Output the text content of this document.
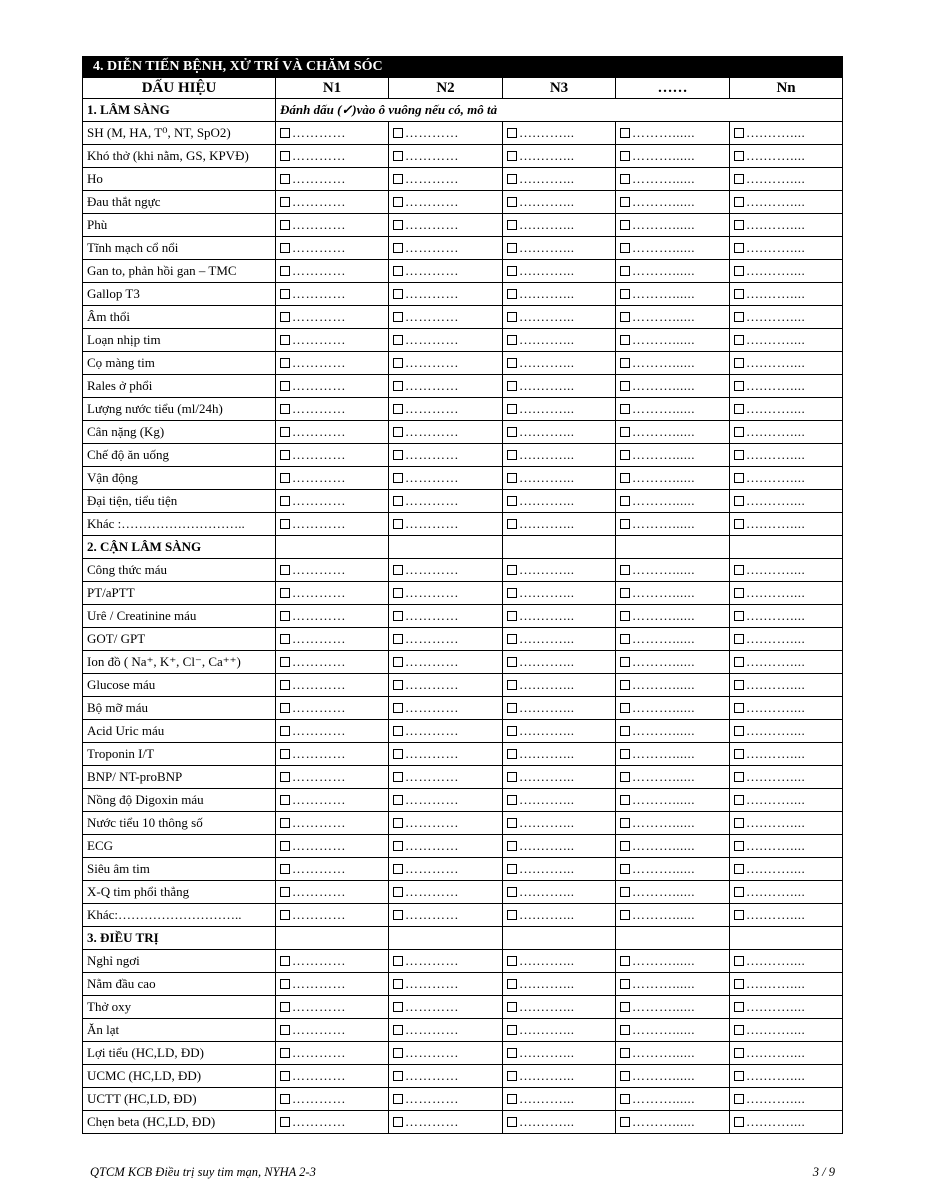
4. DIỄN TIẾN BỆNH, XỬ TRÍ VÀ CHĂM SÓC					
DẤU HIỆU	N1	N2	N3	……	Nn
1. LÂM SÀNG	Đánh dấu (✓)vào ô vuông nếu có, mô tả				
SH (M, HA, T⁰, NT, SpO2)	…………	…………	….……...	………......	….……....
Khó thở (khi nằm, GS, KPVĐ)	…………	…………	….……...	………......	….……....
Ho	…………	…………	….……...	………......	….……....
Đau thắt ngực	…………	…………	….……...	………......	….……....
Phù	…………	…………	….……...	………......	….……....
Tĩnh mạch cổ nổi	…………	…………	….……...	………......	….……....
Gan to, phản hồi gan – TMC	…………	…………	….……...	………......	….……....
Gallop T3	…………	…………	….……...	………......	….……....
Âm thổi	…………	…………	….……...	………......	….……....
Loạn nhịp tim	…………	…………	….……...	………......	….……....
Cọ màng tim	…………	…………	….……...	………......	….……....
Rales ở phổi	…………	…………	….……...	………......	….……....
Lượng nước tiểu (ml/24h)	…………	…………	….……...	………......	….……....
Cân nặng (Kg)	…………	…………	….……...	………......	….……....
Chế độ ăn uống	…………	…………	….……...	………......	….……....
Vận động	…………	…………	….……...	………......	….……....
Đại tiện, tiểu tiện	…………	…………	….……...	………......	….……....
Khác :………………………..	…………	…………	….……...	………......	….……....
2. CẬN LÂM SÀNG					
Công thức máu	…………	…………	….……...	………......	….……....
PT/aPTT	…………	…………	….……...	………......	….……....
Urê / Creatinine máu	…………	…………	….……...	………......	….……....
GOT/ GPT	…………	…………	….……...	………......	….……....
Ion đồ ( Na⁺, K⁺, Cl⁻, Ca⁺⁺)	…………	…………	….……...	………......	….……....
Glucose máu	…………	…………	….……...	………......	….……....
Bộ mỡ máu	…………	…………	….……...	………......	….……....
Acid Uric máu	…………	…………	….……...	………......	….……....
Troponin I/T	…………	…………	….……...	………......	….……....
BNP/ NT-proBNP	…………	…………	….……...	………......	….……....
Nồng độ Digoxin máu	…………	…………	….……...	………......	….……....
Nước tiểu 10 thông số	…………	…………	….……...	………......	….……....
ECG	…………	…………	….……...	………......	….……....
Siêu âm tim	…………	…………	….……...	………......	….……....
X-Q tim phổi thẳng	…………	…………	….……...	………......	….……....
Khác:………………………..	…………	…………	….……...	………......	….……....
3. ĐIỀU TRỊ					
Nghỉ ngơi	…………	…………	….……...	………......	….……....
Nằm đầu cao	…………	…………	….……...	………......	….……....
Thở oxy	…………	…………	….……...	………......	….……....
Ăn lạt	…………	…………	….……...	………......	….……....
Lợi tiểu (HC,LD, ĐD)	…………	…………	….……...	………......	….……....
UCMC (HC,LD, ĐD)	…………	…………	….……...	………......	….……....
UCTT (HC,LD, ĐD)	…………	…………	….……...	………......	….……....
Chẹn beta (HC,LD, ĐD)	…………	…………	….……...	………......	….……....
QTCM KCB Điều trị suy tim mạn, NYHA 2-3	3 / 9
